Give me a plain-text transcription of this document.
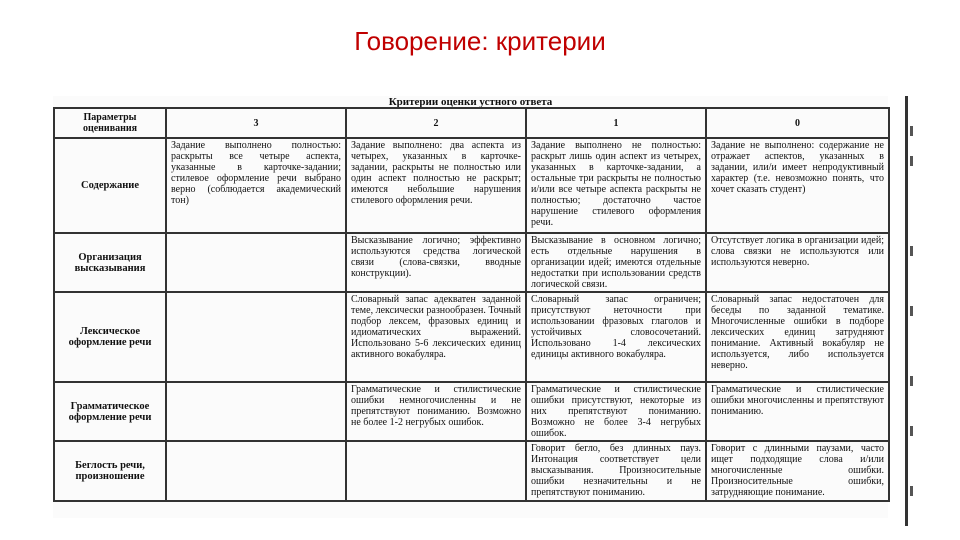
Говорение: критерии
Критерии оценки устного ответа
Параметры оценивания	3	2	1	0
Содержание	Задание выполнено полностью: раскрыты все четыре аспекта, указанные в карточке-задании; стилевое оформление речи выбрано верно (соблюдается академический тон)	Задание выполнено: два аспекта из четырех, указанных в карточке-задании, раскрыты не полностью или один аспект полностью не раскрыт; имеются небольшие нарушения стилевого оформления речи.	Задание выполнено не полностью: раскрыт лишь один аспект из четырех, указанных в карточке-задании, а остальные три раскрыты не полностью и/или все четыре аспекта раскрыты не полностью; достаточно частое нарушение стилевого оформления речи.	Задание не выполнено: содержание не отражает аспектов, указанных в задании, или/и имеет непродуктивный характер (т.е. невозможно понять, что хочет сказать студент)
Организация высказывания		Высказывание логично; эффективно используются средства логической связи (слова-связки, вводные конструкции).	Высказывание в основном логично; есть отдельные нарушения в организации идей; имеются отдельные недостатки при использовании средств логической связи.	Отсутствует логика в организации идей; слова связки не используются или используются неверно.
Лексическое оформление речи		Словарный запас адекватен заданной теме, лексически разнообразен. Точный подбор лексем, фразовых единиц и идиоматических выражений. Использовано 5-6 лексических единиц активного вокабуляра.	Словарный запас ограничен; присутствуют неточности при использовании фразовых глаголов и устойчивых словосочетаний. Использовано 1-4 лексических единицы активного вокабуляра.	Словарный запас недостаточен для беседы по заданной тематике. Многочисленные ошибки в подборе лексических единиц затрудняют понимание. Активный вокабуляр не используется, либо используется неверно.
Грамматическое оформление речи		Грамматические и стилистические ошибки немногочисленны и не препятствуют пониманию. Возможно не более 1-2 негрубых ошибок.	Грамматические и стилистические ошибки присутствуют, некоторые из них препятствуют пониманию. Возможно не более 3-4 негрубых ошибок.	Грамматические и стилистические ошибки многочисленны и препятствуют пониманию.
Беглость речи, произношение			Говорит бегло, без длинных пауз. Интонация соответствует цели высказывания. Произносительные ошибки незначительны и не препятствуют пониманию.	Говорит с длинными паузами, часто ищет подходящие слова и/или многочисленные ошибки. Произносительные ошибки, затрудняющие понимание.
